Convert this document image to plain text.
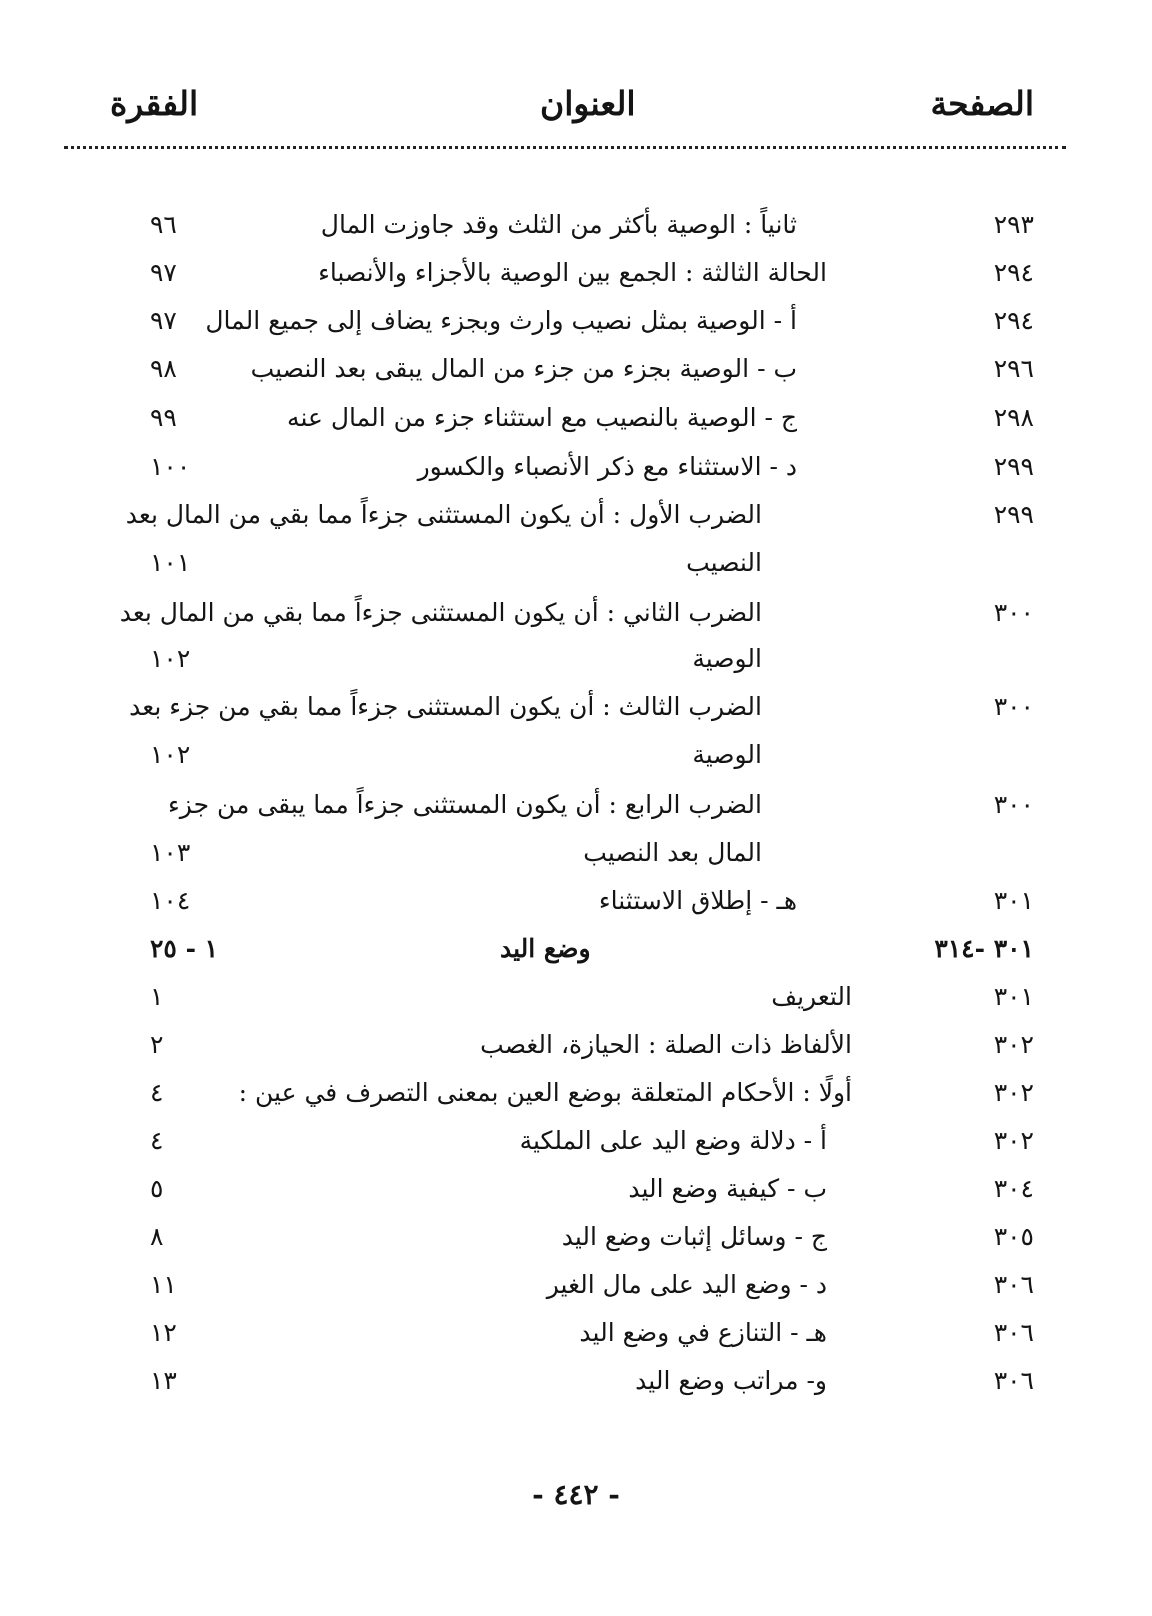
الصفحة
العنوان
الفقرة
٢٩٣
ثانياً : الوصية بأكثر من الثلث وقد جاوزت المال
٩٦
٢٩٤
الحالة الثالثة : الجمع بين الوصية بالأجزاء والأنصباء
٩٧
٢٩٤
أ - الوصية بمثل نصيب وارث وبجزء يضاف إلى جميع المال
٩٧
٢٩٦
ب - الوصية بجزء من جزء من المال يبقى بعد النصيب
٩٨
٢٩٨
ج - الوصية بالنصيب مع استثناء جزء من المال عنه
٩٩
٢٩٩
د - الاستثناء مع ذكر الأنصباء والكسور
١٠٠
٢٩٩
الضرب الأول : أن يكون المستثنى جزءاً مما بقي من المال بعد
النصيب
١٠١
٣٠٠
الضرب الثاني : أن يكون المستثنى جزءاً مما بقي من المال بعد
الوصية
١٠٢
٣٠٠
الضرب الثالث : أن يكون المستثنى جزءاً مما بقي من جزء بعد
الوصية
١٠٢
٣٠٠
الضرب الرابع : أن يكون المستثنى جزءاً مما يبقى من جزء
المال بعد النصيب
١٠٣
٣٠١
هـ - إطلاق الاستثناء
١٠٤
٣٠١ -٣١٤
وضع اليد
١ - ٢٥
٣٠١
التعريف
١
٣٠٢
الألفاظ ذات الصلة : الحيازة، الغصب
٢
٣٠٢
أولًا : الأحكام المتعلقة بوضع العين بمعنى التصرف في عين :
٤
٣٠٢
أ - دلالة وضع اليد على الملكية
٤
٣٠٤
ب - كيفية وضع اليد
٥
٣٠٥
ج - وسائل إثبات وضع اليد
٨
٣٠٦
د - وضع اليد على مال الغير
١١
٣٠٦
هـ - التنازع في وضع اليد
١٢
٣٠٦
و- مراتب وضع اليد
١٣
- ٤٤٢ -
